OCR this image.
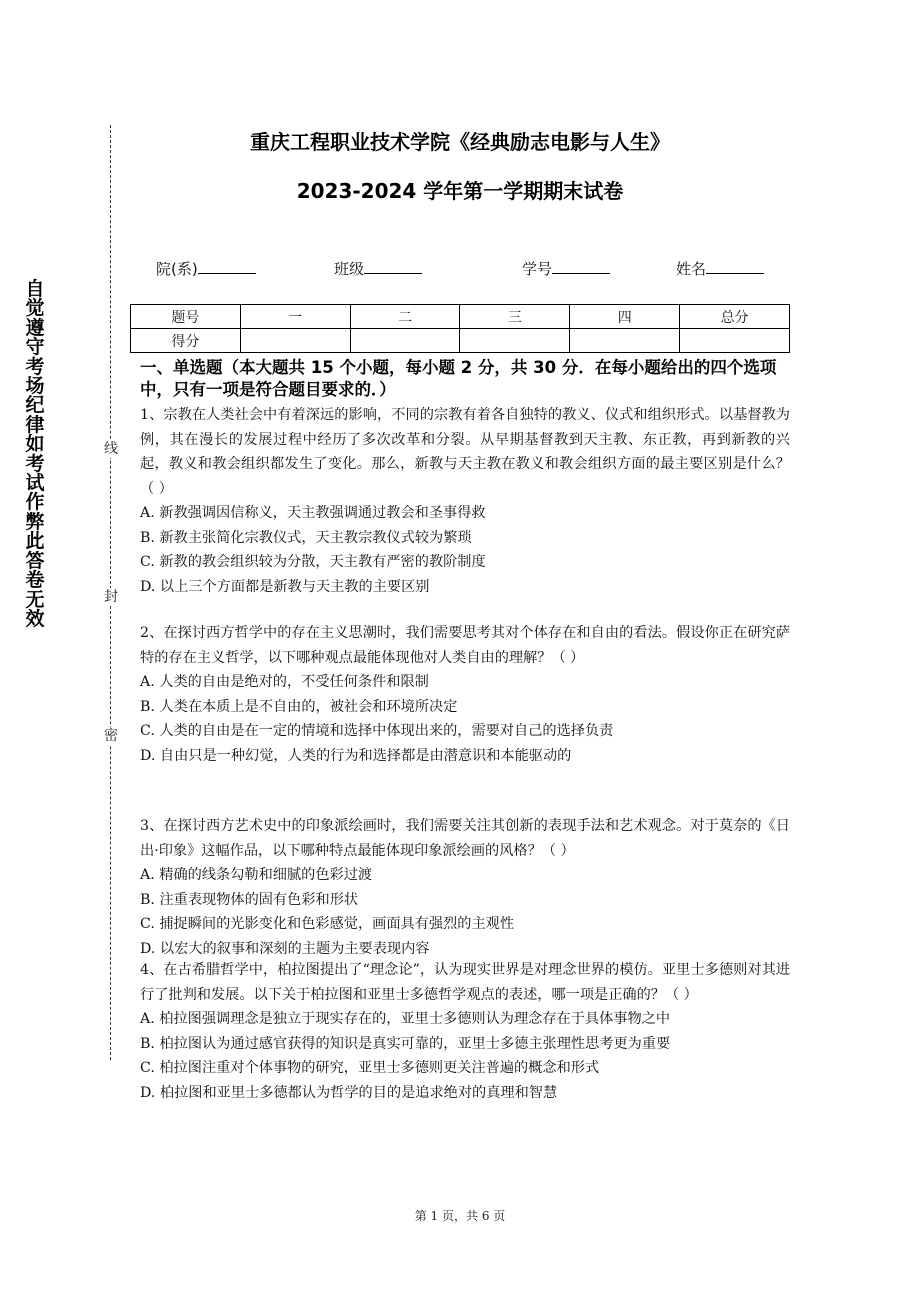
自觉遵守考场纪律如考试作弊此答卷无效
线
封
密
重庆工程职业技术学院《经典励志电影与人生》
2023-2024 学年第一学期期末试卷
院(系)	班级	学号	姓名
题号	一	二	三	四	总分
得分					
一、单选题（本大题共 15 个小题，每小题 2 分，共 30 分．在每小题给出的四个选项中，只有一项是符合题目要求的．）

1、宗教在人类社会中有着深远的影响，不同的宗教有着各自独特的教义、仪式和组织形式。以基督教为例，其在漫长的发展过程中经历了多次改革和分裂。从早期基督教到天主教、东正教，再到新教的兴起，教义和教会组织都发生了变化。那么，新教与天主教在教义和教会组织方面的最主要区别是什么？（ ）

A. 新教强调因信称义，天主教强调通过教会和圣事得救

B. 新教主张简化宗教仪式，天主教宗教仪式较为繁琐

C. 新教的教会组织较为分散，天主教有严密的教阶制度

D. 以上三个方面都是新教与天主教的主要区别

2、在探讨西方哲学中的存在主义思潮时，我们需要思考其对个体存在和自由的看法。假设你正在研究萨特的存在主义哲学，以下哪种观点最能体现他对人类自由的理解？（ ）

A. 人类的自由是绝对的，不受任何条件和限制

B. 人类在本质上是不自由的，被社会和环境所决定

C. 人类的自由是在一定的情境和选择中体现出来的，需要对自己的选择负责

D. 自由只是一种幻觉，人类的行为和选择都是由潜意识和本能驱动的

3、在探讨西方艺术史中的印象派绘画时，我们需要关注其创新的表现手法和艺术观念。对于莫奈的《日出·印象》这幅作品，以下哪种特点最能体现印象派绘画的风格？（ ）

A. 精确的线条勾勒和细腻的色彩过渡

B. 注重表现物体的固有色彩和形状

C. 捕捉瞬间的光影变化和色彩感觉，画面具有强烈的主观性

D. 以宏大的叙事和深刻的主题为主要表现内容

4、在古希腊哲学中，柏拉图提出了“理念论”，认为现实世界是对理念世界的模仿。亚里士多德则对其进行了批判和发展。以下关于柏拉图和亚里士多德哲学观点的表述，哪一项是正确的？（ ）

A. 柏拉图强调理念是独立于现实存在的，亚里士多德则认为理念存在于具体事物之中

B. 柏拉图认为通过感官获得的知识是真实可靠的，亚里士多德主张理性思考更为重要

C. 柏拉图注重对个体事物的研究，亚里士多德则更关注普遍的概念和形式

D. 柏拉图和亚里士多德都认为哲学的目的是追求绝对的真理和智慧

第 1 页，共 6 页
